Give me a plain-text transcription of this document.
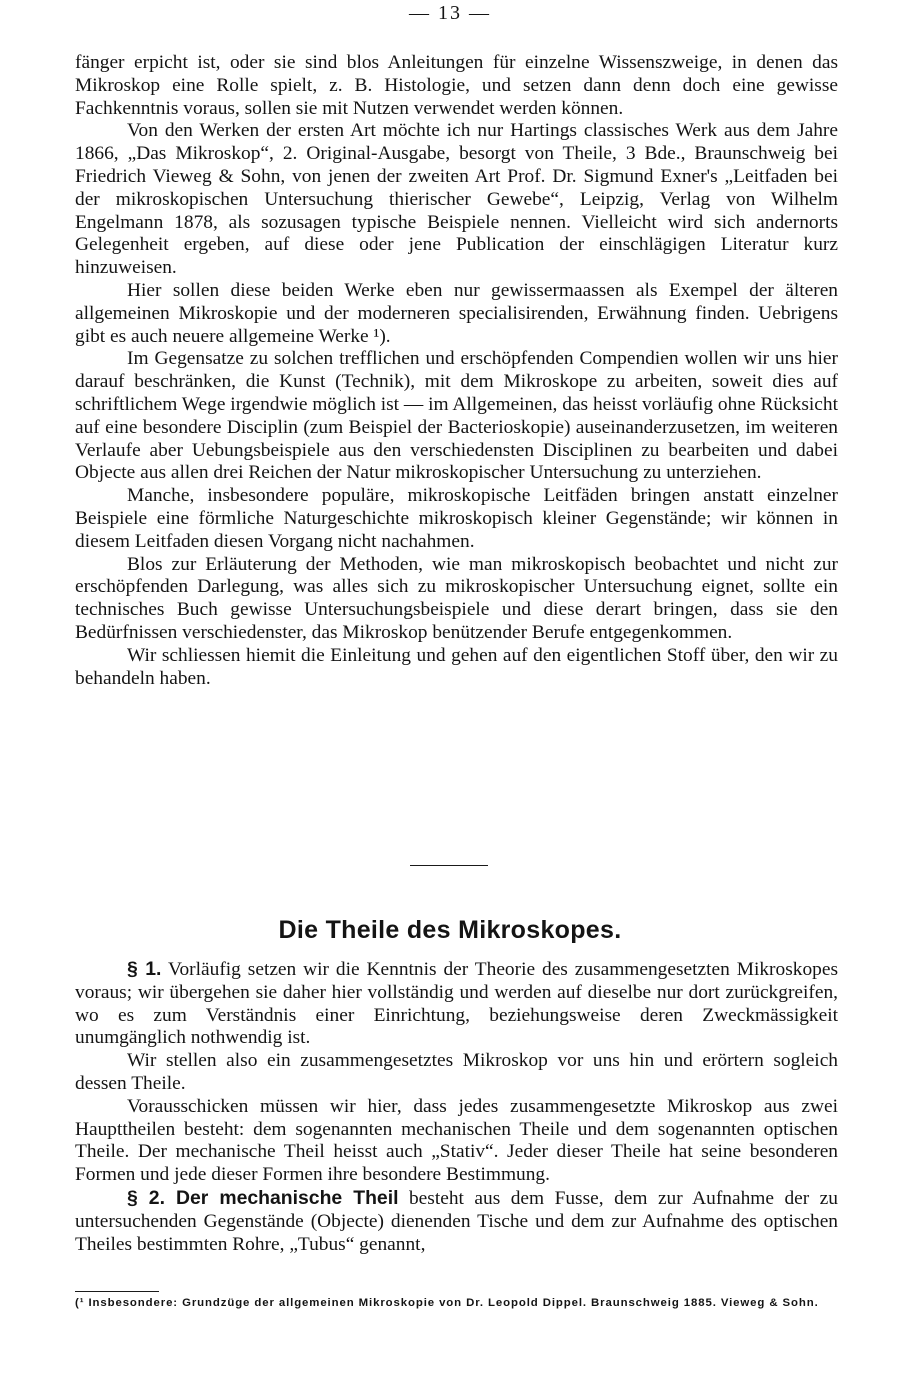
— 13 —

fänger erpicht ist, oder sie sind blos Anleitungen für einzelne Wissenszweige, in denen das Mikroskop eine Rolle spielt, z. B. Histologie, und setzen dann denn doch eine gewisse Fachkenntnis voraus, sollen sie mit Nutzen verwendet werden können.

Von den Werken der ersten Art möchte ich nur Hartings classisches Werk aus dem Jahre 1866, „Das Mikroskop“, 2. Original-Ausgabe, besorgt von Theile, 3 Bde., Braunschweig bei Friedrich Vieweg & Sohn, von jenen der zweiten Art Prof. Dr. Sigmund Exner's „Leitfaden bei der mikroskopischen Untersuchung thierischer Gewebe“, Leipzig, Verlag von Wilhelm Engelmann 1878, als sozusagen typische Beispiele nennen. Vielleicht wird sich andernorts Gelegenheit ergeben, auf diese oder jene Publication der einschlägigen Literatur kurz hinzuweisen.

Hier sollen diese beiden Werke eben nur gewissermaassen als Exempel der älteren allgemeinen Mikroskopie und der moderneren specialisirenden, Erwähnung finden. Uebrigens gibt es auch neuere allgemeine Werke ¹).

Im Gegensatze zu solchen trefflichen und erschöpfenden Compendien wollen wir uns hier darauf beschränken, die Kunst (Technik), mit dem Mikroskope zu arbeiten, soweit dies auf schriftlichem Wege irgendwie möglich ist — im Allgemeinen, das heisst vorläufig ohne Rücksicht auf eine besondere Disciplin (zum Beispiel der Bacterioskopie) auseinanderzusetzen, im weiteren Verlaufe aber Uebungsbeispiele aus den verschiedensten Disciplinen zu bearbeiten und dabei Objecte aus allen drei Reichen der Natur mikroskopischer Untersuchung zu unterziehen.

Manche, insbesondere populäre, mikroskopische Leitfäden bringen anstatt einzelner Beispiele eine förmliche Naturgeschichte mikroskopisch kleiner Gegenstände; wir können in diesem Leitfaden diesen Vorgang nicht nachahmen.

Blos zur Erläuterung der Methoden, wie man mikroskopisch beobachtet und nicht zur erschöpfenden Darlegung, was alles sich zu mikroskopischer Untersuchung eignet, sollte ein technisches Buch gewisse Untersuchungsbeispiele und diese derart bringen, dass sie den Bedürfnissen verschiedenster, das Mikroskop benützender Berufe entgegenkommen.

Wir schliessen hiemit die Einleitung und gehen auf den eigentlichen Stoff über, den wir zu behandeln haben.

Die Theile des Mikroskopes.

§ 1. Vorläufig setzen wir die Kenntnis der Theorie des zusammengesetzten Mikroskopes voraus; wir übergehen sie daher hier vollständig und werden auf dieselbe nur dort zurückgreifen, wo es zum Verständnis einer Einrichtung, beziehungsweise deren Zweckmässigkeit unumgänglich nothwendig ist.

Wir stellen also ein zusammengesetztes Mikroskop vor uns hin und erörtern sogleich dessen Theile.

Vorausschicken müssen wir hier, dass jedes zusammengesetzte Mikroskop aus zwei Haupttheilen besteht: dem sogenannten mechanischen Theile und dem sogenannten optischen Theile. Der mechanische Theil heisst auch „Stativ“. Jeder dieser Theile hat seine besonderen Formen und jede dieser Formen ihre besondere Bestimmung.

§ 2. Der mechanische Theil besteht aus dem Fusse, dem zur Aufnahme der zu untersuchenden Gegenstände (Objecte) dienenden Tische und dem zur Aufnahme des optischen Theiles bestimmten Rohre, „Tubus“ genannt,

(¹ Insbesondere: Grundzüge der allgemeinen Mikroskopie von Dr. Leopold Dippel. Braunschweig 1885. Vieweg & Sohn.
